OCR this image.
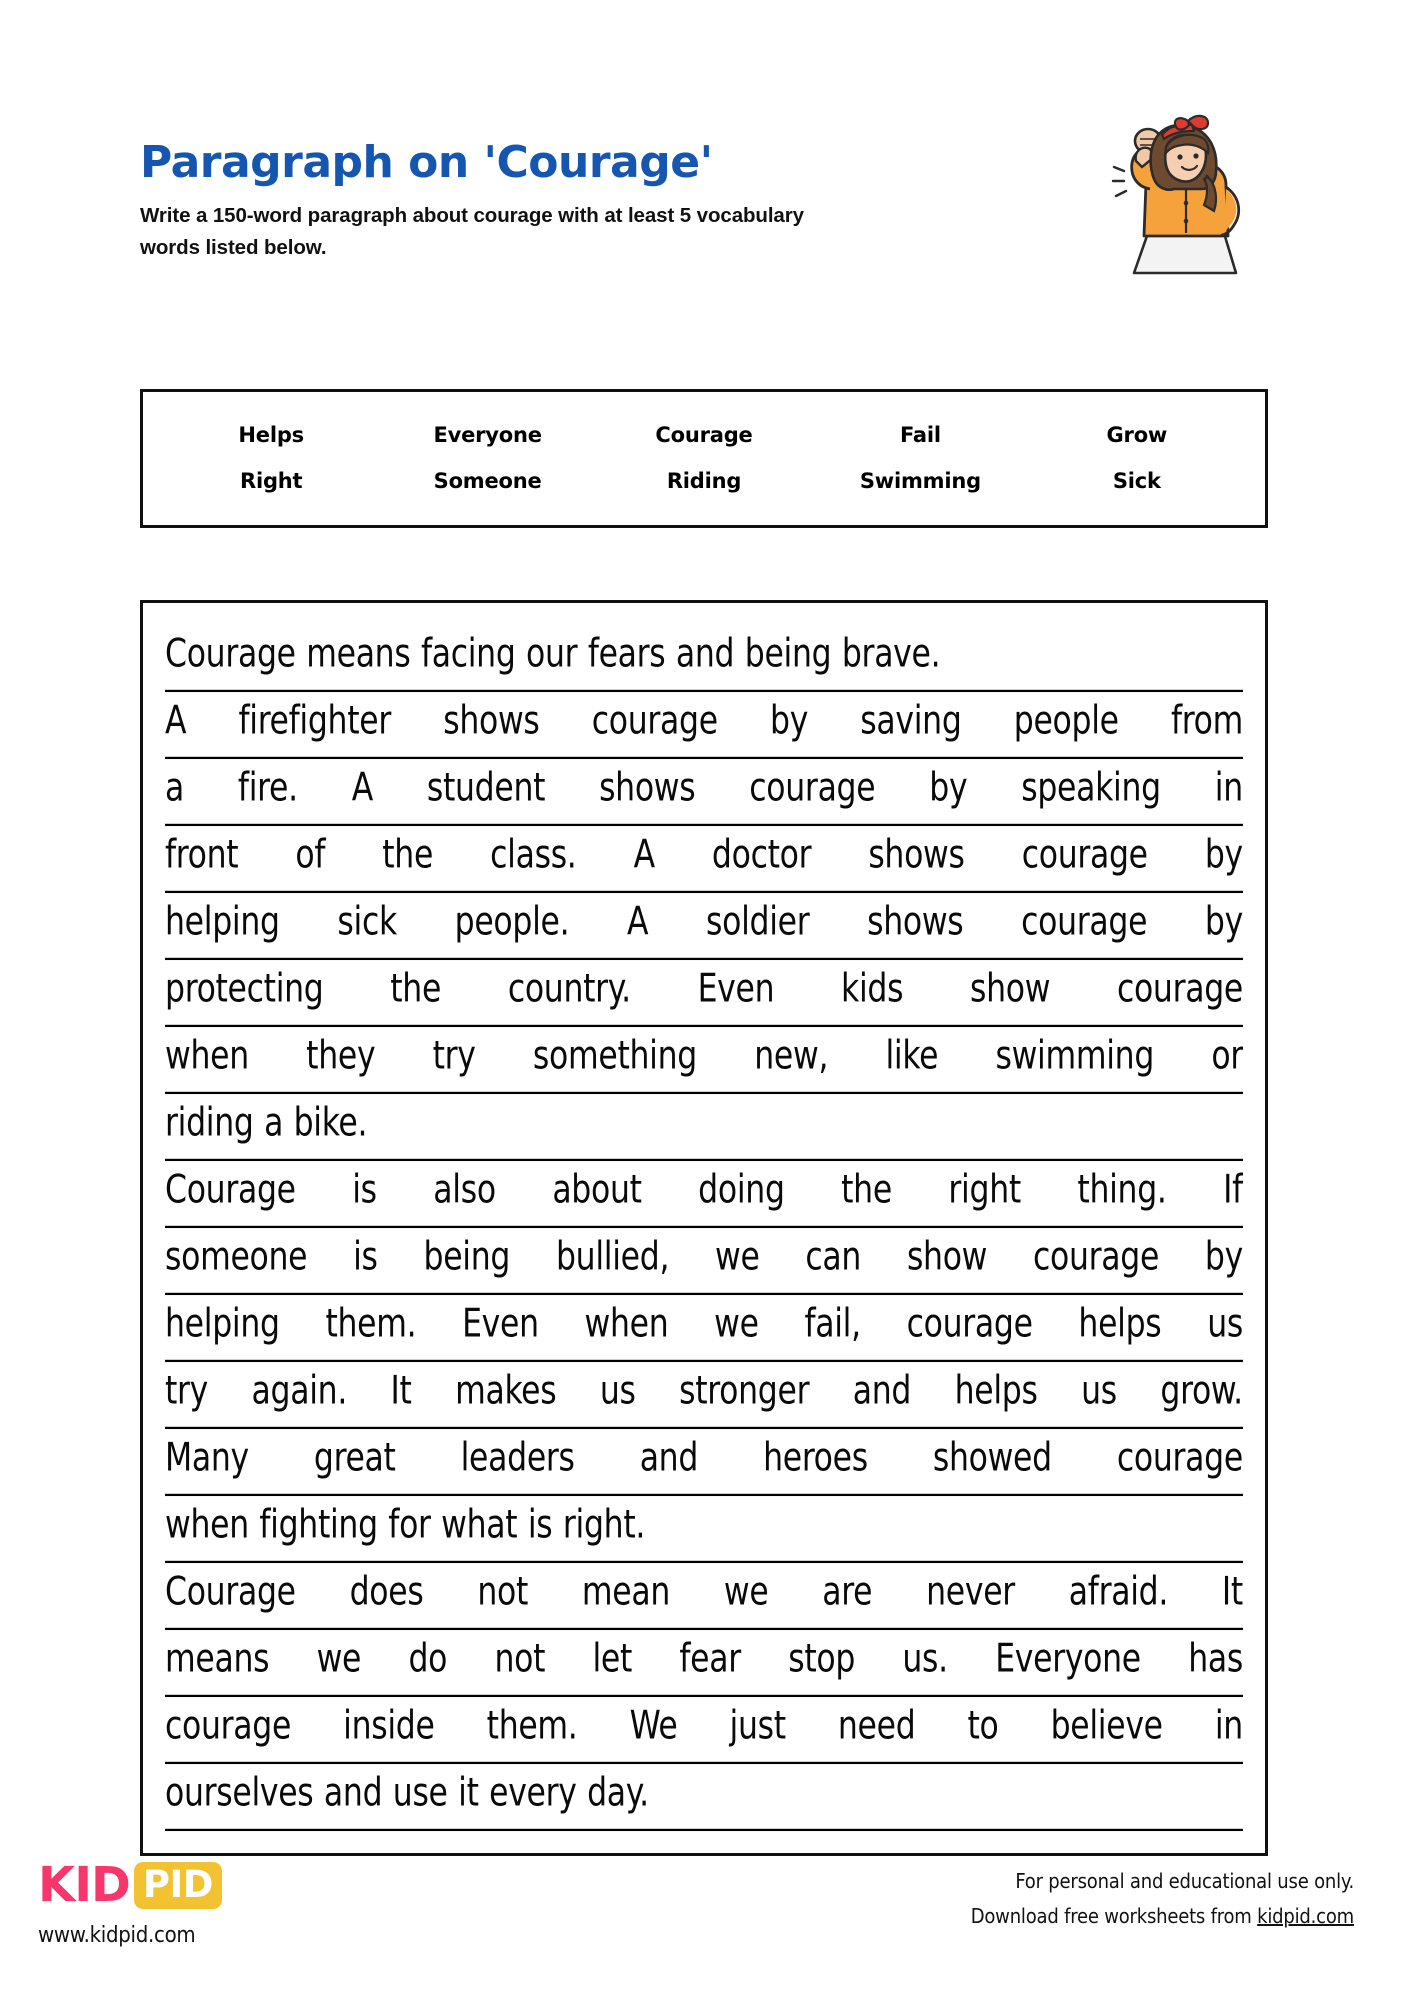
Paragraph on 'Courage'
Write a 150-word paragraph about courage with at least 5 vocabulary words listed below.
Helps	Everyone	Courage	Fail	Grow
Right	Someone	Riding	Swimming	Sick
Courage means facing our fears and being brave.
A firefighter shows courage by saving people from
a fire. A student shows courage by speaking in
front of the class. A doctor shows courage by
helping sick people. A soldier shows courage by
protecting the country. Even kids show courage
when they try something new, like swimming or
riding a bike.
Courage is also about doing the right thing. If
someone is being bullied, we can show courage by
helping them. Even when we fail, courage helps us
try again. It makes us stronger and helps us grow.
Many great leaders and heroes showed courage
when fighting for what is right.
Courage does not mean we are never afraid. It
means we do not let fear stop us. Everyone has
courage inside them. We just need to believe in
ourselves and use it every day.
KID PID
www.kidpid.com
For personal and educational use only.
Download free worksheets from kidpid.com
